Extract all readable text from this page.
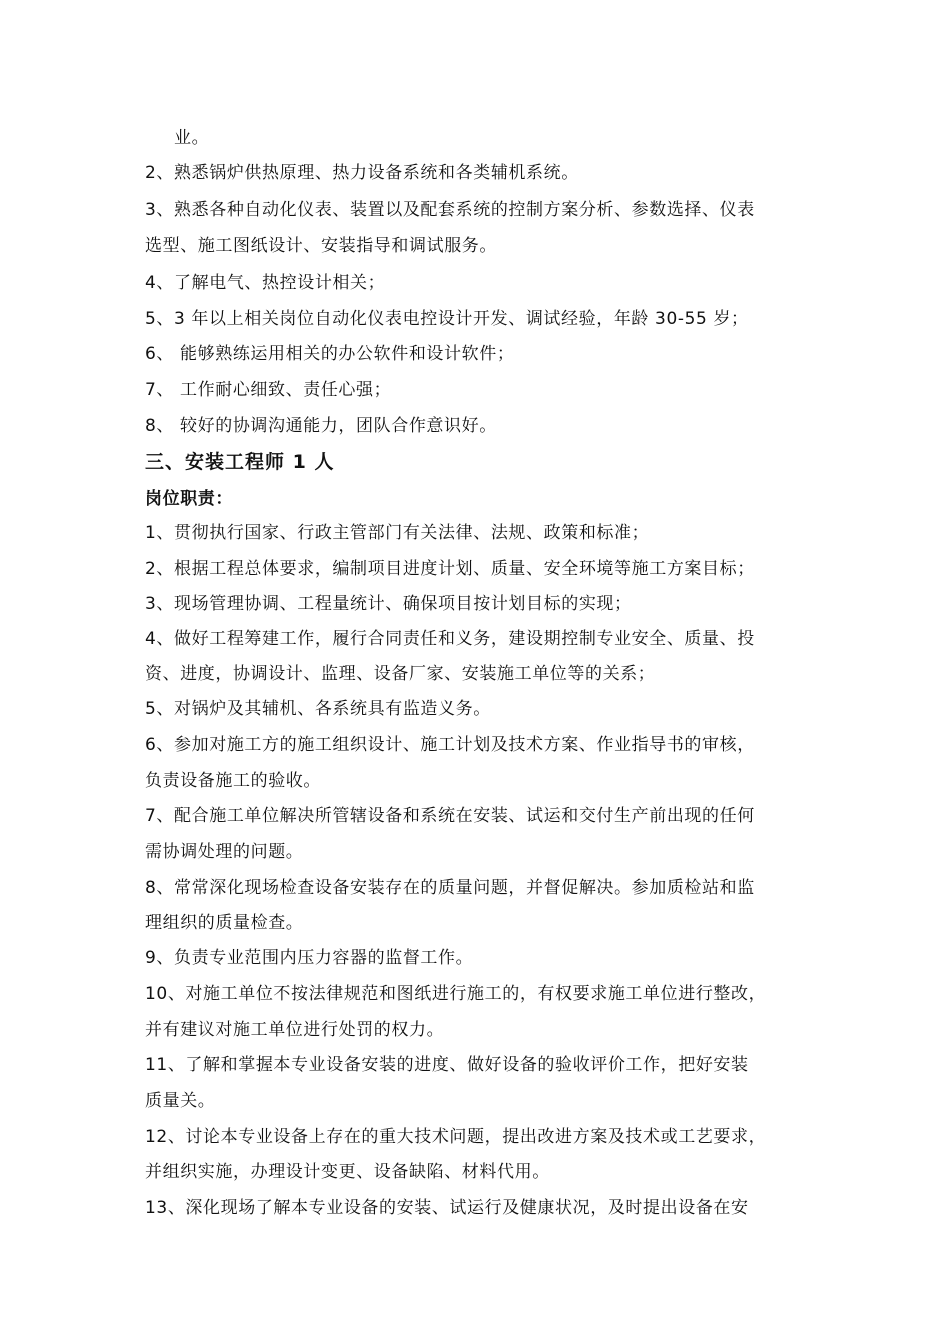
业。
2、熟悉锅炉供热原理、热力设备系统和各类辅机系统。
3、熟悉各种自动化仪表、装置以及配套系统的控制方案分析、参数选择、仪表
选型、施工图纸设计、安装指导和调试服务。
4、了解电气、热控设计相关；
5、3 年以上相关岗位自动化仪表电控设计开发、调试经验，年龄 30-55 岁；
6、 能够熟练运用相关的办公软件和设计软件；
7、 工作耐心细致、责任心强；
8、 较好的协调沟通能力，团队合作意识好。
三、安装工程师 1 人
岗位职责：
1、贯彻执行国家、行政主管部门有关法律、法规、政策和标准；
2、根据工程总体要求，编制项目进度计划、质量、安全环境等施工方案目标；
3、现场管理协调、工程量统计、确保项目按计划目标的实现；
4、做好工程筹建工作，履行合同责任和义务，建设期控制专业安全、质量、投
资、进度，协调设计、监理、设备厂家、安装施工单位等的关系；
5、对锅炉及其辅机、各系统具有监造义务。
6、参加对施工方的施工组织设计、施工计划及技术方案、作业指导书的审核，
负责设备施工的验收。
7、配合施工单位解决所管辖设备和系统在安装、试运和交付生产前出现的任何
需协调处理的问题。
8、常常深化现场检查设备安装存在的质量问题，并督促解决。参加质检站和监
理组织的质量检查。
9、负责专业范围内压力容器的监督工作。
10、对施工单位不按法律规范和图纸进行施工的，有权要求施工单位进行整改，
并有建议对施工单位进行处罚的权力。
11、了解和掌握本专业设备安装的进度、做好设备的验收评价工作，把好安装
质量关。
12、讨论本专业设备上存在的重大技术问题，提出改进方案及技术或工艺要求，
并组织实施，办理设计变更、设备缺陷、材料代用。
13、深化现场了解本专业设备的安装、试运行及健康状况，及时提出设备在安
